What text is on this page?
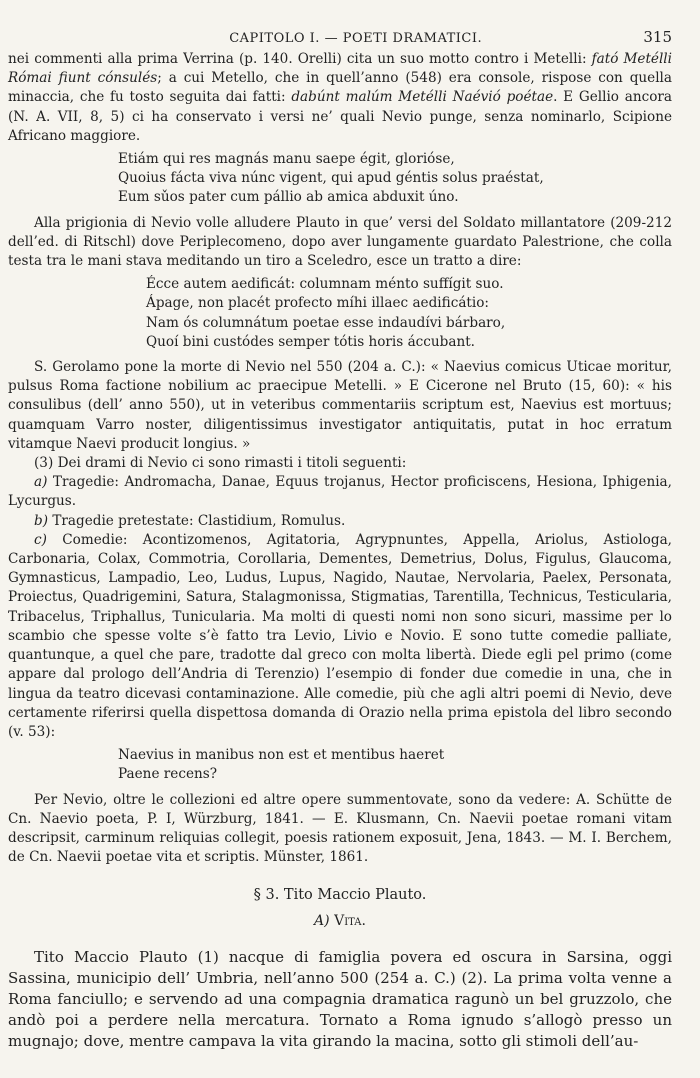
CAPITOLO I. — POETI DRAMATICI.	315

nei commenti alla prima Verrina (p. 140. Orelli) cita un suo motto contro i Metelli: fató Metélli Római fiunt cónsulés; a cui Metello, che in quell’anno (548) era console, rispose con quella minaccia, che fu tosto seguita dai fatti: dabúnt malúm Metélli Naévió poétae. E Gellio ancora (N. A. VII, 8, 5) ci ha conservato i versi ne’ quali Nevio punge, senza nominarlo, Scipione Africano maggiore.

Etiám qui res magnás manu saepe égit, gloriόse,
Quoius fácta viva núnc vigent, qui apud géntis solus praéstat,
Eum sǔos pater cum pállio ab amica abduxit úno.

Alla prigionia di Nevio volle alludere Plauto in que’ versi del Soldato millantatore (209-212 dell’ed. di Ritschl) dove Periplecomeno, dopo aver lungamente guardato Palestrione, che colla testa tra le mani stava meditando un tiro a Sceledro, esce un tratto a dire:

Écce autem aedificát: columnam ménto suffígit suo.
Ápage, non placét profecto míhi illaec aedificátio:
Nam ós columnátum poetae esse indaudívi bárbaro,
Quoí bini custódes semper tótis horis áccubant.

S. Gerolamo pone la morte di Nevio nel 550 (204 a. C.): « Naevius comicus Uticae moritur, pulsus Roma factione nobilium ac praecipue Metelli. » E Cicerone nel Bruto (15, 60): « his consulibus (dell’ anno 550), ut in veteribus commentariis scriptum est, Naevius est mortuus; quamquam Varro noster, diligentissimus investigator antiquitatis, putat in hoc erratum vitamque Naevi producit longius. »

(3) Dei drami di Nevio ci sono rimasti i titoli seguenti:

a) Tragedie: Andromacha, Danae, Equus trojanus, Hector proficiscens, Hesiona, Iphigenia, Lycurgus.
b) Tragedie pretestate: Clastidium, Romulus.
c) Comedie: Acontizomenos, Agitatoria, Agrypnuntes, Appella, Ariolus, Astiologa, Carbonaria, Colax, Commotria, Corollaria, Dementes, Demetrius, Dolus, Figulus, Glaucoma, Gymnasticus, Lampadio, Leo, Ludus, Lupus, Nagido, Nautae, Nervolaria, Paelex, Personata, Proiectus, Quadrigemini, Satura, Stalagmonissa, Stigmatias, Tarentilla, Technicus, Testicularia, Tribacelus, Triphallus, Tunicularia. Ma molti di questi nomi non sono sicuri, massime per lo scambio che spesse volte s’è fatto tra Levio, Livio e Novio. E sono tutte comedie palliate, quantunque, a quel che pare, tradotte dal greco con molta libertà. Diede egli pel primo (come appare dal prologo dell’Andria di Terenzio) l’esempio di fonder due comedie in una, che in lingua da teatro dicevasi contaminazione. Alle comedie, più che agli altri poemi di Nevio, deve certamente riferirsi quella dispettosa domanda di Orazio nella prima epistola del libro secondo (v. 53):
Naevius in manibus non est et mentibus haeret
Paene recens?

Per Nevio, oltre le collezioni ed altre opere summentovate, sono da vedere: A. Schütte de Cn. Naevio poeta, P. I, Würzburg, 1841. — E. Klusmann, Cn. Naevii poetae romani vitam descripsit, carminum reliquias collegit, poesis rationem exposuit, Jena, 1843. — M. I. Berchem, de Cn. Naevii poetae vita et scriptis. Münster, 1861.

§ 3. Tito Maccio Plauto.
A) Vita.

Tito Maccio Plauto (1) nacque di famiglia povera ed oscura in Sarsina, oggi Sassina, municipio dell’ Umbria, nell’anno 500 (254 a. C.) (2). La prima volta venne a Roma fanciullo; e servendo ad una compagnia dramatica ragunò un bel gruzzolo, che andò poi a perdere nella mercatura. Tornato a Roma ignudo s’allogò presso un mugnajo; dove, mentre campava la vita girando la macina, sotto gli stimoli dell’au-
